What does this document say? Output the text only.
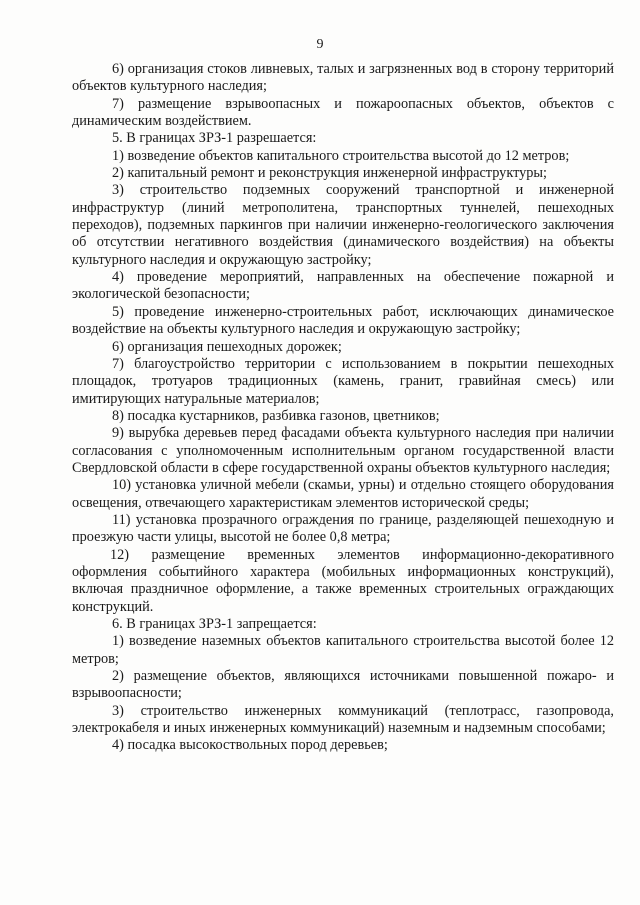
9

6) организация стоков ливневых, талых и загрязненных вод в сторону территорий объектов культурного наследия;

7) размещение взрывоопасных и пожароопасных объектов, объектов с динамическим воздействием.

5. В границах ЗРЗ-1 разрешается:

1) возведение объектов капитального строительства высотой до 12 метров;

2) капитальный ремонт и реконструкция инженерной инфраструктуры;

3) строительство подземных сооружений транспортной и инженерной инфраструктур (линий метрополитена, транспортных туннелей, пешеходных переходов), подземных паркингов при наличии инженерно-геологического заключения об отсутствии негативного воздействия (динамического воздействия) на объекты культурного наследия и окружающую застройку;

4) проведение мероприятий, направленных на обеспечение пожарной и экологической безопасности;

5) проведение инженерно-строительных работ, исключающих динамическое воздействие на объекты культурного наследия и окружающую застройку;

6) организация пешеходных дорожек;

7) благоустройство территории с использованием в покрытии пешеходных площадок, тротуаров традиционных (камень, гранит, гравийная смесь) или имитирующих натуральные материалов;

8) посадка кустарников, разбивка газонов, цветников;

9) вырубка деревьев перед фасадами объекта культурного наследия при наличии согласования с уполномоченным исполнительным органом государственной власти Свердловской области в сфере государственной охраны объектов культурного наследия;

10) установка уличной мебели (скамьи, урны) и отдельно стоящего оборудования освещения, отвечающего характеристикам элементов исторической среды;

11) установка прозрачного ограждения по границе, разделяющей пешеходную и проезжую части улицы, высотой не более 0,8 метра;

12) размещение временных элементов информационно-декоративного оформления событийного характера (мобильных информационных конструкций), включая праздничное оформление, а также временных строительных ограждающих конструкций.

6. В границах ЗРЗ-1 запрещается:

1) возведение наземных объектов капитального строительства высотой более 12 метров;

2) размещение объектов, являющихся источниками повышенной пожаро- и взрывоопасности;

3) строительство инженерных коммуникаций (теплотрасс, газопровода, электрокабеля и иных инженерных коммуникаций) наземным и надземным способами;

4) посадка высокоствольных пород деревьев;
